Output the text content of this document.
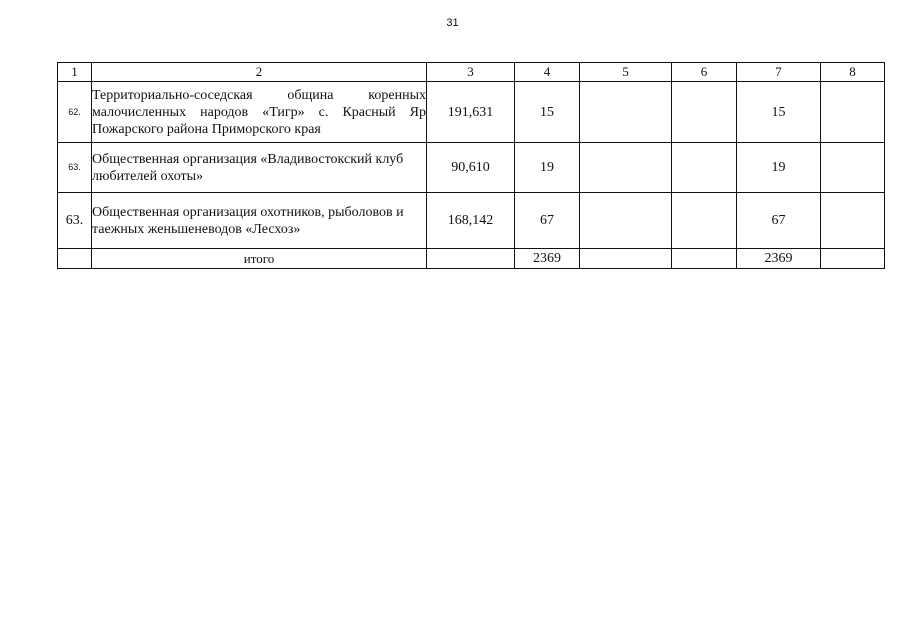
31
1	2	3	4	5	6	7	8
62.	Территориально-соседская община коренных малочисленных народов «Тигр» с. Красный Яр Пожарского района Приморского края	191,631	15			15	
63.	Общественная организация «Владивостокский клуб любителей охоты»	90,610	19			19	
63.	Общественная организация охотников, рыболовов и таежных женьшеневодов «Лесхоз»	168,142	67			67	
	итого		2369			2369	
